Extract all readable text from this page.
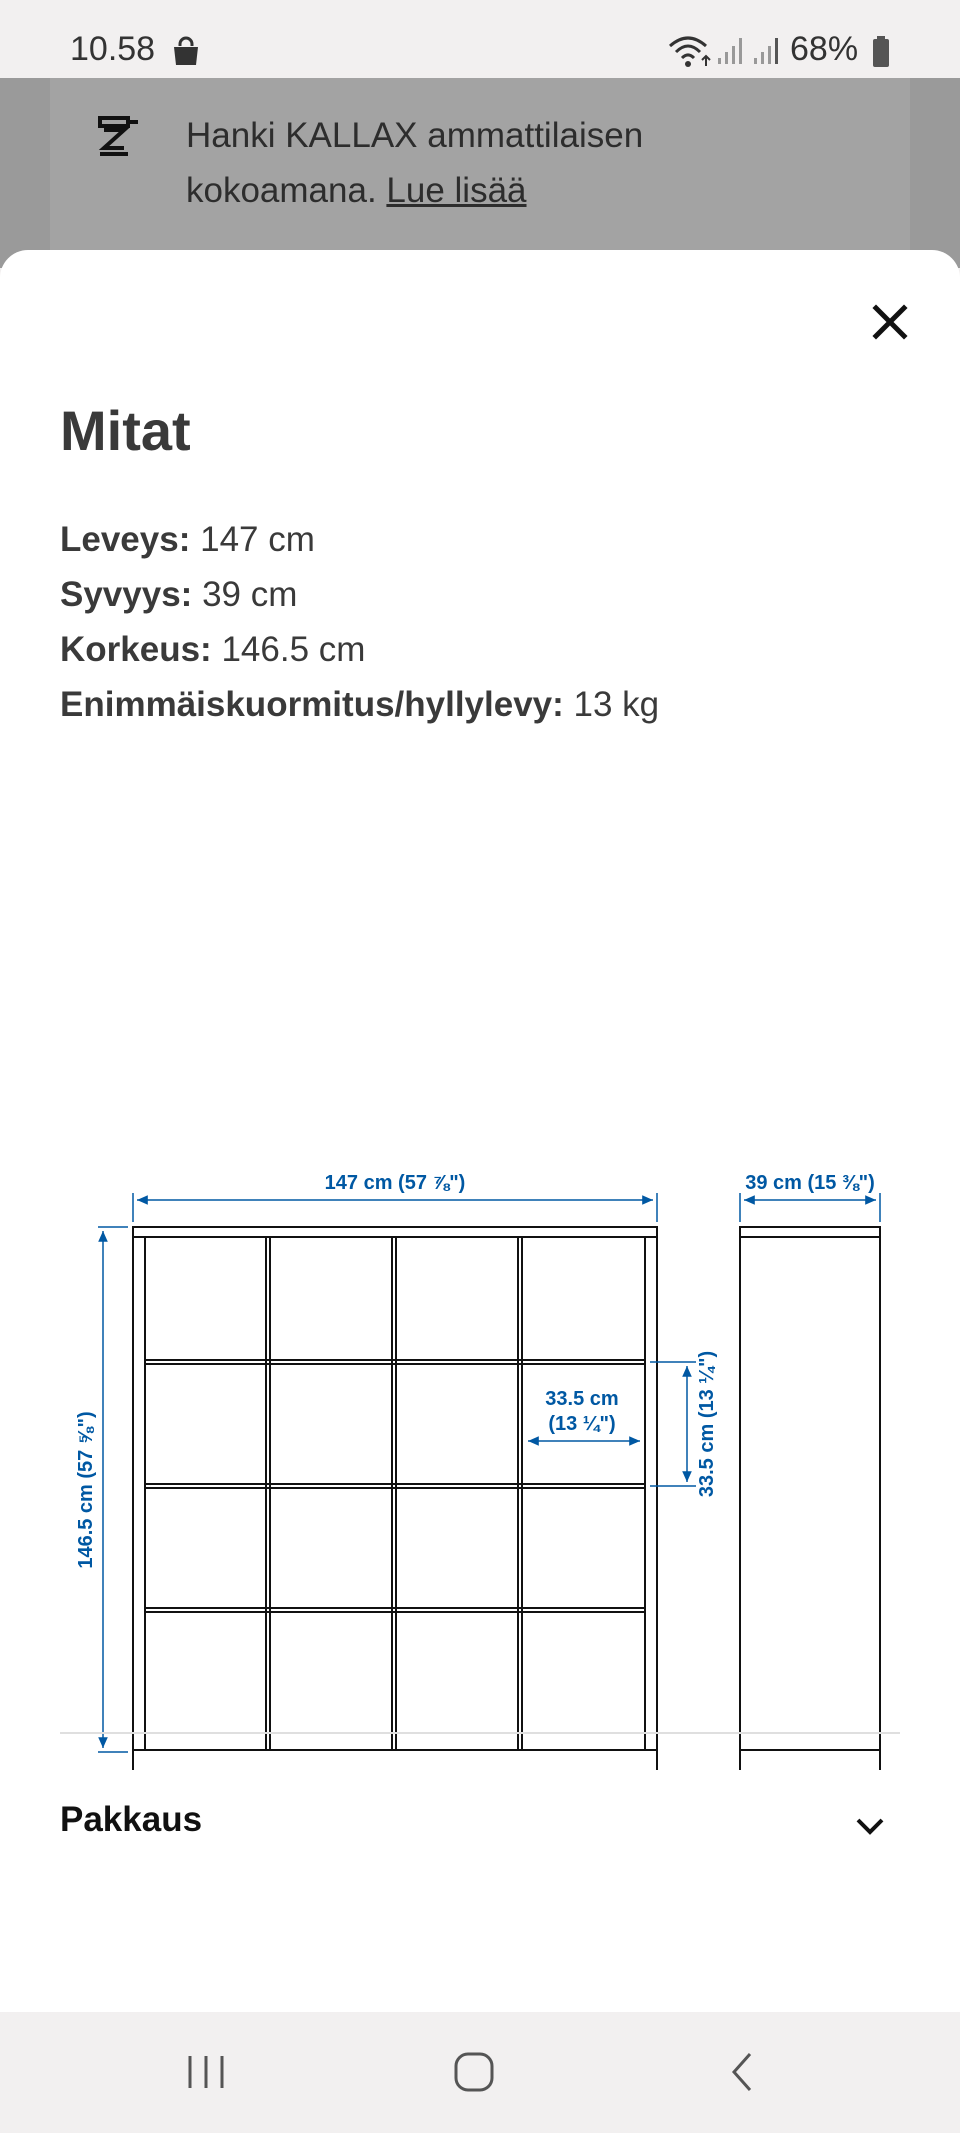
10.58	68%
Hanki KALLAX ammattilaisen kokoamana. Lue lisää
Mitat
Leveys: 147 cm
Syvyys: 39 cm
Korkeus: 146.5 cm
Enimmäiskuormitus/hyllylevy: 13 kg
147 cm (57 ⅞")	39 cm (15 ⅜")
146.5 cm (57 ⅝")
33.5 cm
(13 ¼")	33.5 cm (13 ¼")
Pakkaus
